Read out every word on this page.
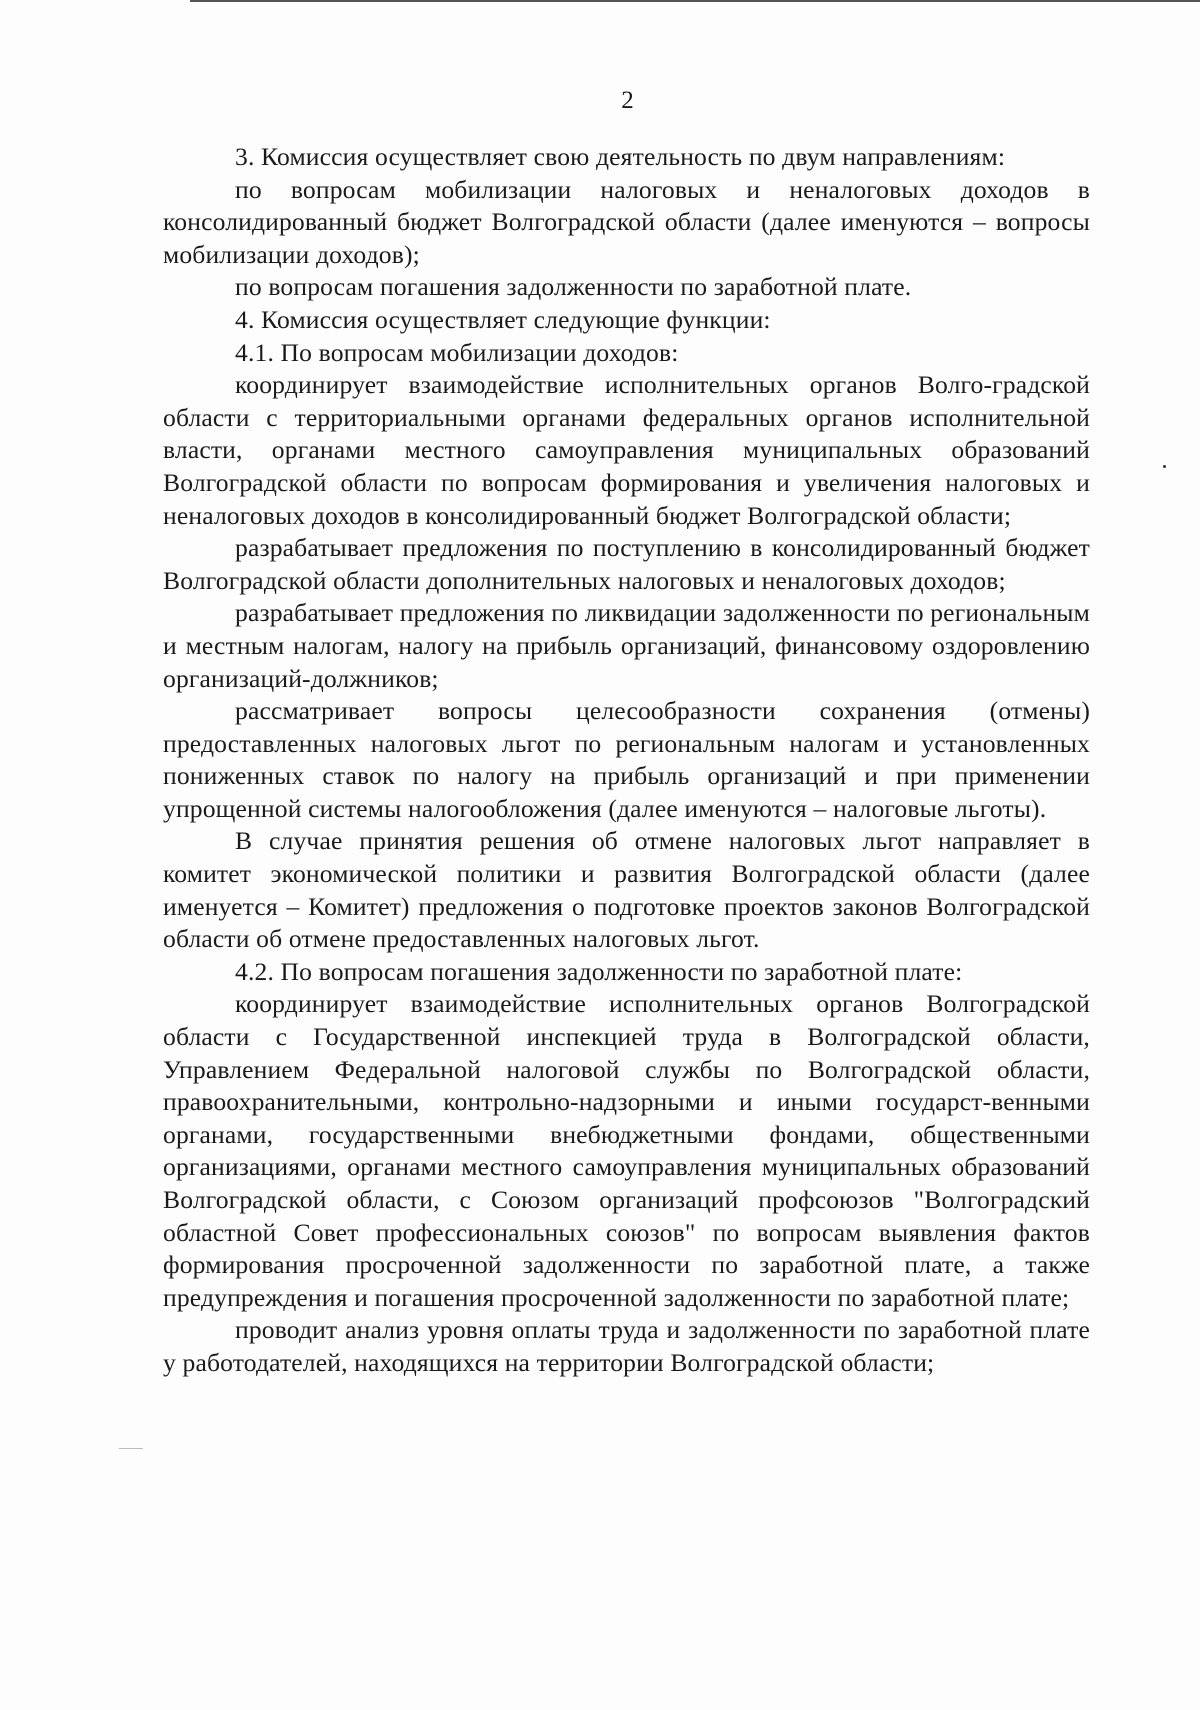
2

3. Комиссия осуществляет свою деятельность по двум направлениям:

по вопросам мобилизации налоговых и неналоговых доходов в консолидированный бюджет Волгоградской области (далее именуются – вопросы мобилизации доходов);

по вопросам погашения задолженности по заработной плате.

4. Комиссия осуществляет следующие функции:

4.1. По вопросам мобилизации доходов:

координирует взаимодействие исполнительных органов Волго-градской области с территориальными органами федеральных органов исполнительной власти, органами местного самоуправления муниципальных образований Волгоградской области по вопросам формирования и увеличения налоговых и неналоговых доходов в консолидированный бюджет Волгоградской области;

разрабатывает предложения по поступлению в консолидированный бюджет Волгоградской области дополнительных налоговых и неналоговых доходов;

разрабатывает предложения по ликвидации задолженности по региональным и местным налогам, налогу на прибыль организаций, финансовому оздоровлению организаций-должников;

рассматривает вопросы целесообразности сохранения (отмены) предоставленных налоговых льгот по региональным налогам и установленных пониженных ставок по налогу на прибыль организаций и при применении упрощенной системы налогообложения (далее именуются – налоговые льготы).

В случае принятия решения об отмене налоговых льгот направляет в комитет экономической политики и развития Волгоградской области (далее именуется – Комитет) предложения о подготовке проектов законов Волгоградской области об отмене предоставленных налоговых льгот.

4.2. По вопросам погашения задолженности по заработной плате:

координирует взаимодействие исполнительных органов Волгоградской области с Государственной инспекцией труда в Волгоградской области, Управлением Федеральной налоговой службы по Волгоградской области, правоохранительными, контрольно-надзорными и иными государст-венными органами, государственными внебюджетными фондами, общественными организациями, органами местного самоуправления муниципальных образований Волгоградской области, с Союзом организаций профсоюзов "Волгоградский областной Совет профессиональных союзов" по вопросам выявления фактов формирования просроченной задолженности по заработной плате, а также предупреждения и погашения просроченной задолженности по заработной плате;

проводит анализ уровня оплаты труда и задолженности по заработной плате у работодателей, находящихся на территории Волгоградской области;
